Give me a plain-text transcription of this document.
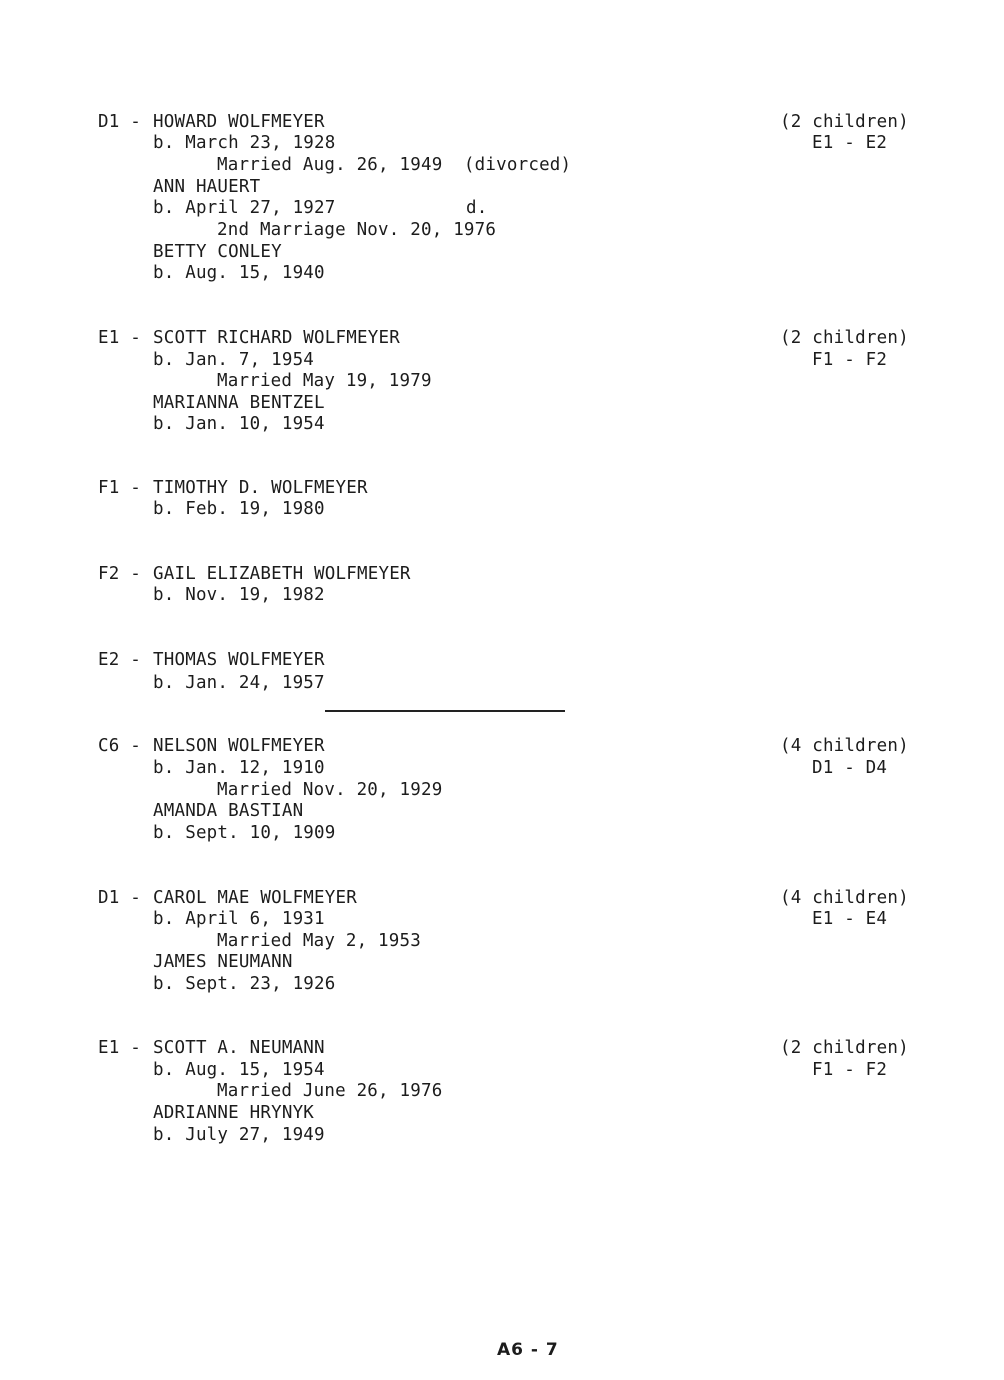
D1 - HOWARD WOLFMEYER
b. March 23, 1928
Married Aug. 26, 1949  (divorced)
ANN HAUERT
b. April 27, 1927	d.
2nd Marriage Nov. 20, 1976
BETTY CONLEY
b. Aug. 15, 1940
(2 children)
E1 - E2
E1 - SCOTT RICHARD WOLFMEYER
b. Jan. 7, 1954
Married May 19, 1979
MARIANNA BENTZEL
b. Jan. 10, 1954
(2 children)
F1 - F2
F1 - TIMOTHY D. WOLFMEYER
b. Feb. 19, 1980
F2 - GAIL ELIZABETH WOLFMEYER
b. Nov. 19, 1982
E2 - THOMAS WOLFMEYER
b. Jan. 24, 1957
C6 - NELSON WOLFMEYER
b. Jan. 12, 1910
Married Nov. 20, 1929
AMANDA BASTIAN
b. Sept. 10, 1909
(4 children)
D1 - D4
D1 - CAROL MAE WOLFMEYER
b. April 6, 1931
Married May 2, 1953
JAMES NEUMANN
b. Sept. 23, 1926
(4 children)
E1 - E4
E1 - SCOTT A. NEUMANN
b. Aug. 15, 1954
Married June 26, 1976
ADRIANNE HRYNYK
b. July 27, 1949
(2 children)
F1 - F2
A6 - 7
